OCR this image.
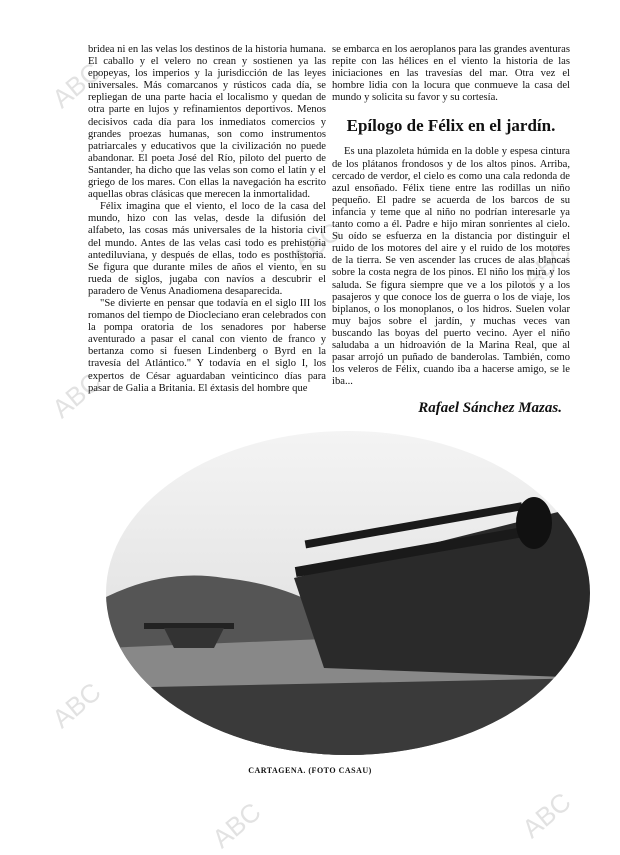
ABC
ABC
ABC
ABC	ABC
ABC	ABC

bridea ni en las velas los destinos de la historia humana. El caballo y el velero no crean y sostienen ya las epopeyas, los imperios y la jurisdicción de las leyes universales. Más comarcanos y rústicos cada día, se repliegan de una parte hacia el localismo y quedan de otra parte en lujos y refinamientos deportivos. Menos decisivos cada día para los inmediatos comercios y grandes proezas humanas, son como instrumentos patriarcales y educativos que la civilización no puede abandonar. El poeta José del Río, piloto del puerto de Santander, ha dicho que las velas son como el latín y el griego de los mares. Con ellas la navegación ha escrito aquellas obras clásicas que merecen la inmortalidad.

Félix imagina que el viento, el loco de la casa del mundo, hizo con las velas, desde la difusión del alfabeto, las cosas más universales de la historia civil del mundo. Antes de las velas casi todo es prehistoria antediluviana, y después de ellas, todo es posthistoria. Se figura que durante miles de años el viento, en su rueda de siglos, jugaba con navíos a descubrir el paradero de Venus Anadiomena desaparecida.

"Se divierte en pensar que todavía en el siglo III los romanos del tiempo de Diocleciano eran celebrados con la pompa oratoria de los senadores por haberse aventurado a pasar el canal con viento de franco y bertanza como si fuesen Lindenberg o Byrd en la travesía del Atlántico." Y todavía en el siglo I, los expertos de César aguardaban veinticinco días para pasar de Galia a Britania. El éxtasis del hombre que

se embarca en los aeroplanos para las grandes aventuras repite con las hélices en el viento la historia de las iniciaciones en las travesías del mar. Otra vez el hombre lidia con la locura que conmueve la casa del mundo y solicita su favor y su cortesía.

Epílogo de Félix en el jardín.

Es una plazoleta húmida en la doble y espesa cintura de los plátanos frondosos y de los altos pinos. Arriba, cercado de verdor, el cielo es como una cala redonda de azul ensoñado. Félix tiene entre las rodillas un niño pequeño. El padre se acuerda de los barcos de su infancia y teme que al niño no podrían interesarle ya tanto como a él. Padre e hijo miran sonrientes al cielo. Su oído se esfuerza en la distancia por distinguir el ruido de los motores del aire y el ruido de los motores de la tierra. Se ven ascender las cruces de alas blancas sobre la costa negra de los pinos. El niño los mira y los saluda. Se figura siempre que ve a los pilotos y a los pasajeros y que conoce los de guerra o los de viaje, los biplanos, o los monoplanos, o los hidros. Suelen volar muy bajos sobre el jardín, y muchas veces van buscando las boyas del puerto vecino. Ayer el niño saludaba a un hidroavión de la Marina Real, que al pasar arrojó un puñado de banderolas. También, como los veleros de Félix, cuando iba a hacerse amigo, se le iba...

Rafael Sánchez Mazas.
CARTAGENA. (FOTO CASAU)
